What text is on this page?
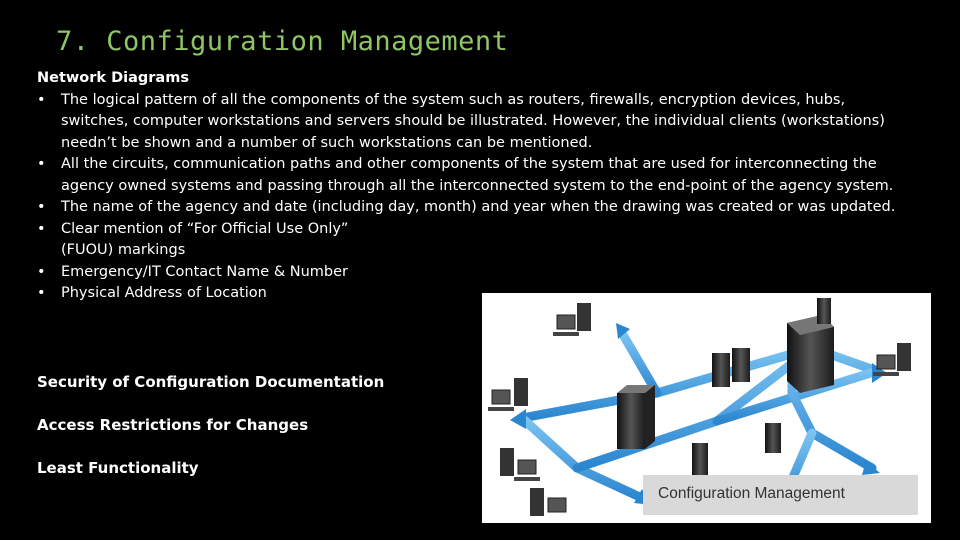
7. Configuration Management
Network Diagrams
• The logical pattern of all the components of the system such as routers, firewalls, encryption devices, hubs, switches, computer workstations and servers should be illustrated. However, the individual clients (workstations) needn’t be shown and a number of such workstations can be mentioned.
• All the circuits, communication paths and other components of the system that are used for interconnecting the agency owned systems and passing through all the interconnected system to the end-point of the agency system.
• The name of the agency and date (including day, month) and year when the drawing was created or was updated.
• Clear mention of “For Official Use Only” (FUOU) markings
• Emergency/IT Contact Name & Number
• Physical Address of Location
Security of Configuration Documentation
Access Restrictions for Changes
Least Functionality
Configuration Management
